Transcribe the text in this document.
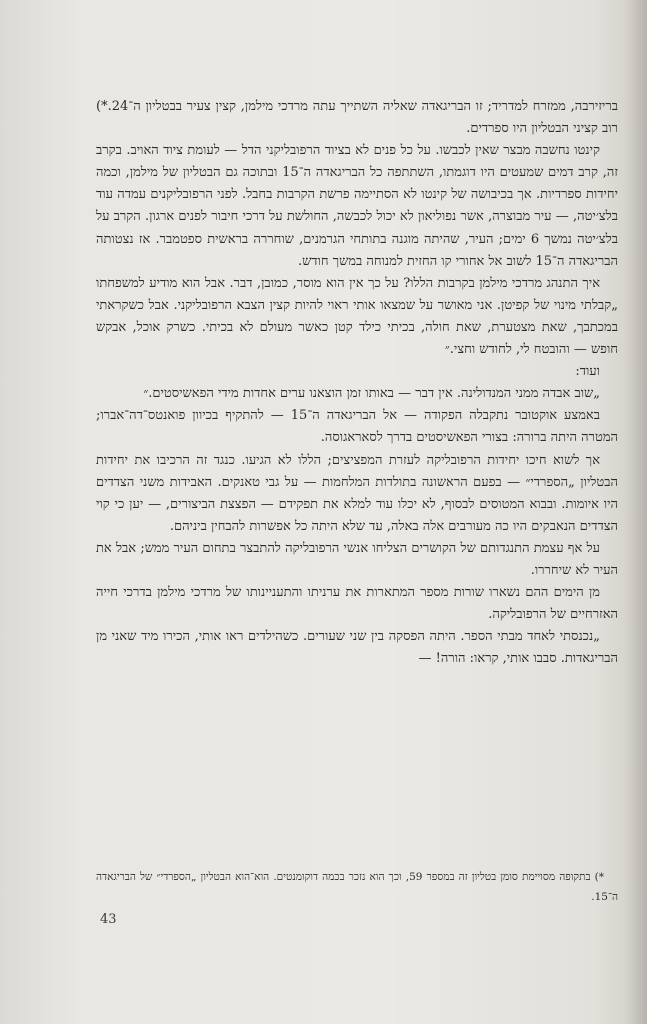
בריזירבה, ממזרח למדריד; זו הבריגאדה שאליה השתייך עתה מרדכי מילמן, קצין צעיר בבטליון ה־24.*) רוב קציני הבטליון היו ספרדים.

קינטו נחשבה מבצר שאין לכבשו. על כל פנים לא בציוד הרפובליקני הדל — לעומת ציוד האויב. בקרב זה, קרב דמים שמעטים היו דוגמתו, השתתפה כל הבריגאדה ה־15 ובתוכה גם הבטליון של מילמן, וכמה יחידות ספרדיות. אך בכיבושה של קינטו לא הסתיימה פרשת הקרבות בחבל. לפני הרפובליקנים עמדה עוד בלצ׳יטה, — עיר מבוצרה, אשר נפוליאון לא יכול לכבשה, החולשת על דרכי חיבור לפנים ארגון. הקרב על בלצ׳יטה נמשך 6 ימים; העיר, שהיתה מוגנה בתותחי הגרמנים, שוחררה בראשית ספטמבר. אז נצטותה הבריגאדה ה־15 לשוב אל אחורי קו החזית למנוחה במשך חודש.

איך התנהג מרדכי מילמן בקרבות הללו? על כך אין הוא מוסר, כמובן, דבר. אבל הוא מודיע למשפחתו „קבלתי מינוי של קפיטן. אני מאושר על שמצאו אותי ראוי להיות קצין הצבא הרפובליקני. אבל כשקראתי במכתבך, שאת מצטערת, שאת חולה, בכיתי כילד קטן כאשר מעולם לא בכיתי. כשרק אוכל, אבקש חופש — והובטח לי, לחודש וחצי.״

ועוד:

„שוב אבדה ממני המנדולינה. אין דבר — באותו זמן הוצאנו ערים אחדות מידי הפאשיסטים.״

באמצע אוקטובר נתקבלה הפקודה — אל הבריגאדה ה־15 — להתקיף בכיוון פואנטס־דה־אברו; המטרה היתה ברורה: בצורי הפאשיסטים בדרך לסאראגוסה.

אך לשוא חיכו יחידות הרפובליקה לעזרת המפציצים; הללו לא הגיעו. כנגד זה הרכיבו את יחידות הבטליון „הספרדי״ — בפעם הראשונה בתולדות המלחמות — על גבי טאנקים. האבידות משני הצדדים היו איומות. ובבוא המטוסים לבסוף, לא יכלו עוד למלא את תפקידם — הפצצת הביצורים, — יען כי קוי הצדדים הנאבקים היו כה מעורבים אלה באלה, עד שלא היתה כל אפשרות להבחין ביניהם.

על אף עצמת התנגדותם של הקושרים הצליחו אנשי הרפובליקה להתבצר בתחום העיר ממש; אבל את העיר לא שיחררו.

מן הימים ההם נשארו שורות מספר המתארות את ערניתו והתעניינותו של מרדכי מילמן בדרכי חייה האזרחיים של הרפובליקה.

„נכנסתי לאחד מבתי הספר. היתה הפסקה בין שני שעורים. כשהילדים ראו אותי, הכירו מיד שאני מן הבריגאדות. סבבו אותי, קראו: הורה! —

*) בתקופה מסויימת סומן בטליון זה במספר 59, וכך הוא נזכר בכמה דוקומנטים. הוא־הוא הבטליון „הספרדי״ של הבריגאדה ה־15.

43
